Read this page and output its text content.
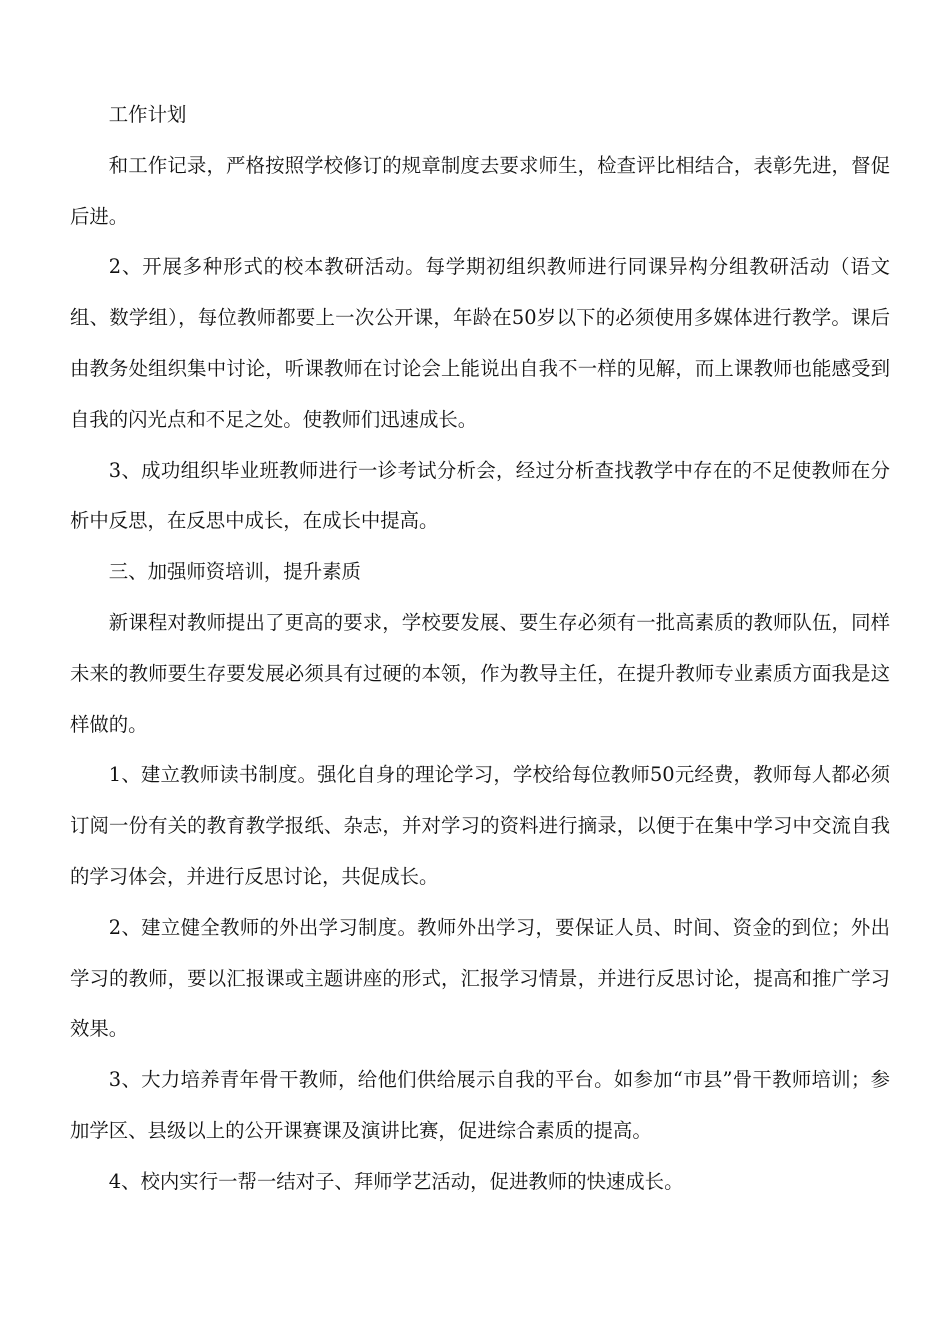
工作计划

和工作记录，严格按照学校修订的规章制度去要求师生，检查评比相结合，表彰先进，督促后进。

2、开展多种形式的校本教研活动。每学期初组织教师进行同课异构分组教研活动（语文组、数学组），每位教师都要上一次公开课，年龄在50岁以下的必须使用多媒体进行教学。课后由教务处组织集中讨论，听课教师在讨论会上能说出自我不一样的见解，而上课教师也能感受到自我的闪光点和不足之处。使教师们迅速成长。

3、成功组织毕业班教师进行一诊考试分析会，经过分析查找教学中存在的不足使教师在分析中反思，在反思中成长，在成长中提高。

三、加强师资培训，提升素质

新课程对教师提出了更高的要求，学校要发展、要生存必须有一批高素质的教师队伍，同样未来的教师要生存要发展必须具有过硬的本领，作为教导主任，在提升教师专业素质方面我是这样做的。

1、建立教师读书制度。强化自身的理论学习，学校给每位教师50元经费，教师每人都必须订阅一份有关的教育教学报纸、杂志，并对学习的资料进行摘录，以便于在集中学习中交流自我的学习体会，并进行反思讨论，共促成长。

2、建立健全教师的外出学习制度。教师外出学习，要保证人员、时间、资金的到位；外出学习的教师，要以汇报课或主题讲座的形式，汇报学习情景，并进行反思讨论，提高和推广学习效果。

3、大力培养青年骨干教师，给他们供给展示自我的平台。如参加“市县”骨干教师培训；参加学区、县级以上的公开课赛课及演讲比赛，促进综合素质的提高。

4、校内实行一帮一结对子、拜师学艺活动，促进教师的快速成长。
